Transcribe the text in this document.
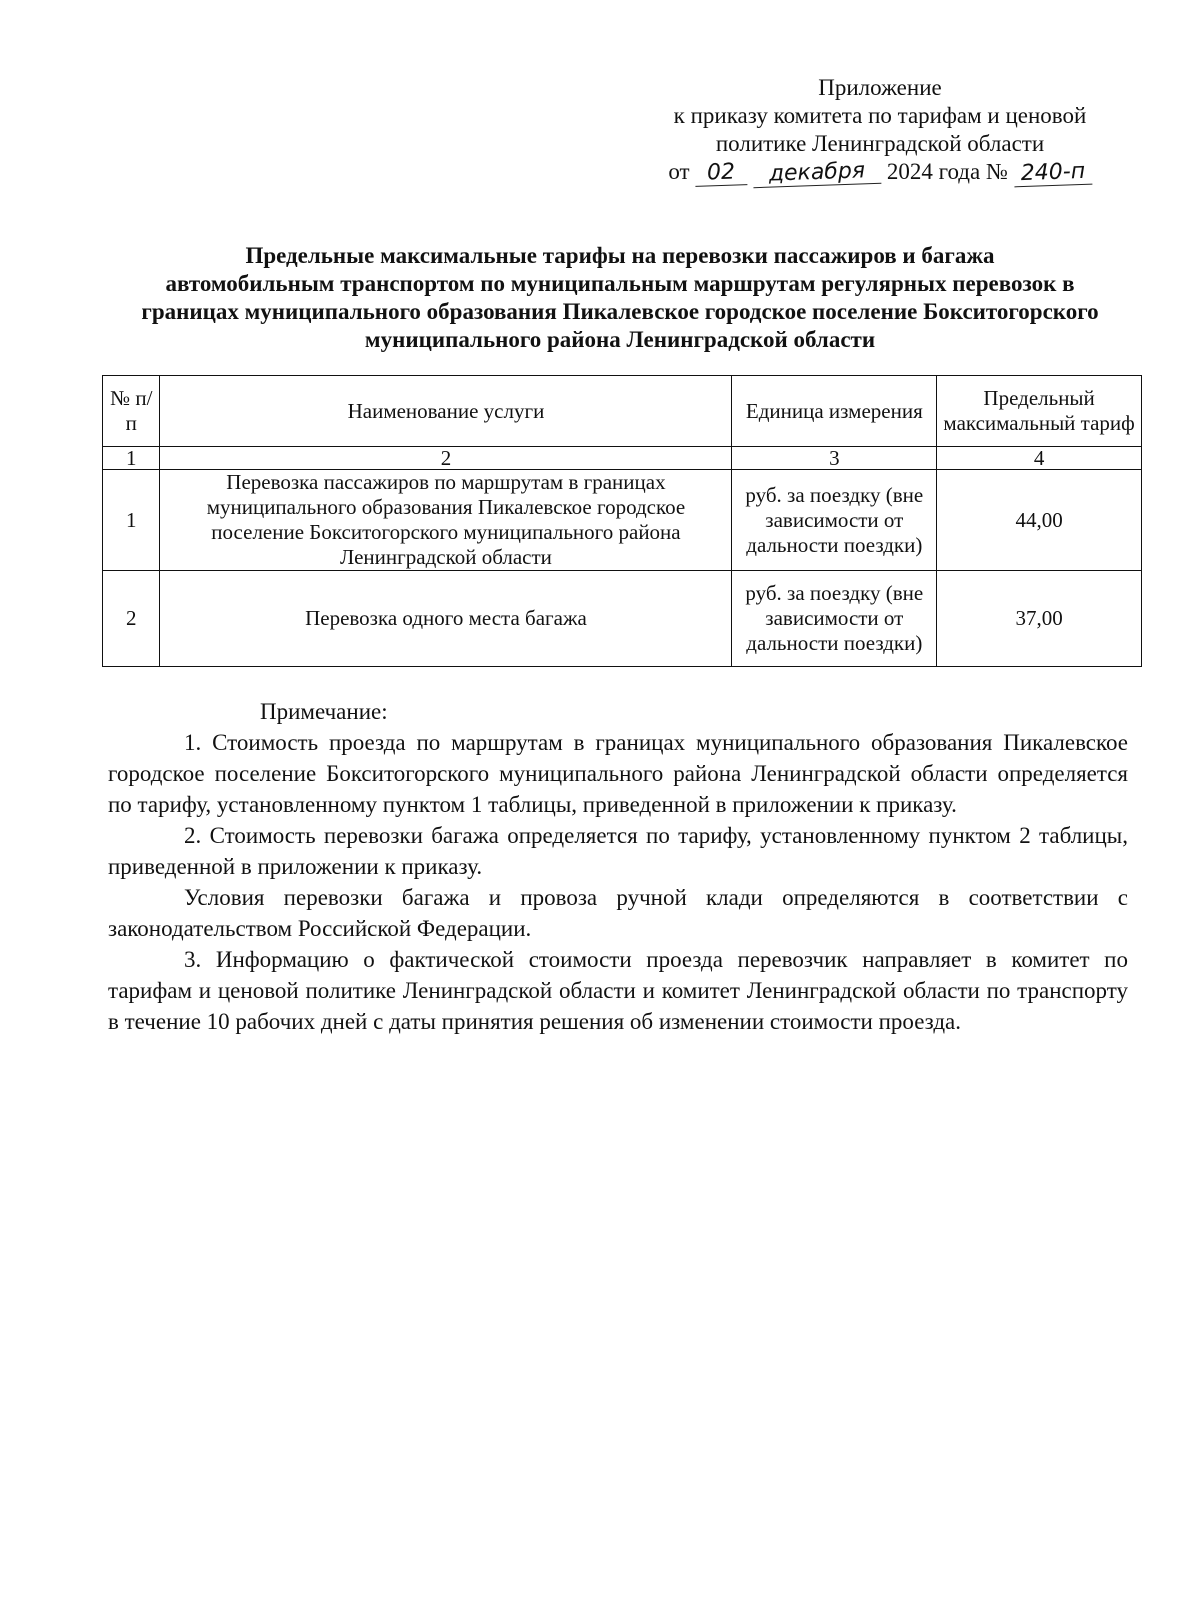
Приложение
к приказу комитета по тарифам и ценовой
политике Ленинградской области
от 02 декабря 2024 года № 240-п
Предельные максимальные тарифы на перевозки пассажиров и багажа
автомобильным транспортом по муниципальным маршрутам регулярных перевозок в
границах муниципального образования Пикалевское городское поселение Бокситогорского
муниципального района Ленинградской области
№ п/п	Наименование услуги	Единица измерения	Предельный максимальный тариф
1	2	3	4
1	Перевозка пассажиров по маршрутам в границах муниципального образования Пикалевское городское поселение Бокситогорского муниципального района Ленинградской области	руб. за поездку (вне зависимости от дальности поездки)	44,00
2	Перевозка одного места багажа	руб. за поездку (вне зависимости от дальности поездки)	37,00

Примечание:

1. Стоимость проезда по маршрутам в границах муниципального образования Пикалевское городское поселение Бокситогорского муниципального района Ленинградской области определяется по тарифу, установленному пунктом 1 таблицы, приведенной в приложении к приказу.

2. Стоимость перевозки багажа определяется по тарифу, установленному пунктом 2 таблицы, приведенной в приложении к приказу.

Условия перевозки багажа и провоза ручной клади определяются в соответствии с законодательством Российской Федерации.

3. Информацию о фактической стоимости проезда перевозчик направляет в комитет по тарифам и ценовой политике Ленинградской области и комитет Ленинградской области по транспорту в течение 10 рабочих дней с даты принятия решения об изменении стоимости проезда.
